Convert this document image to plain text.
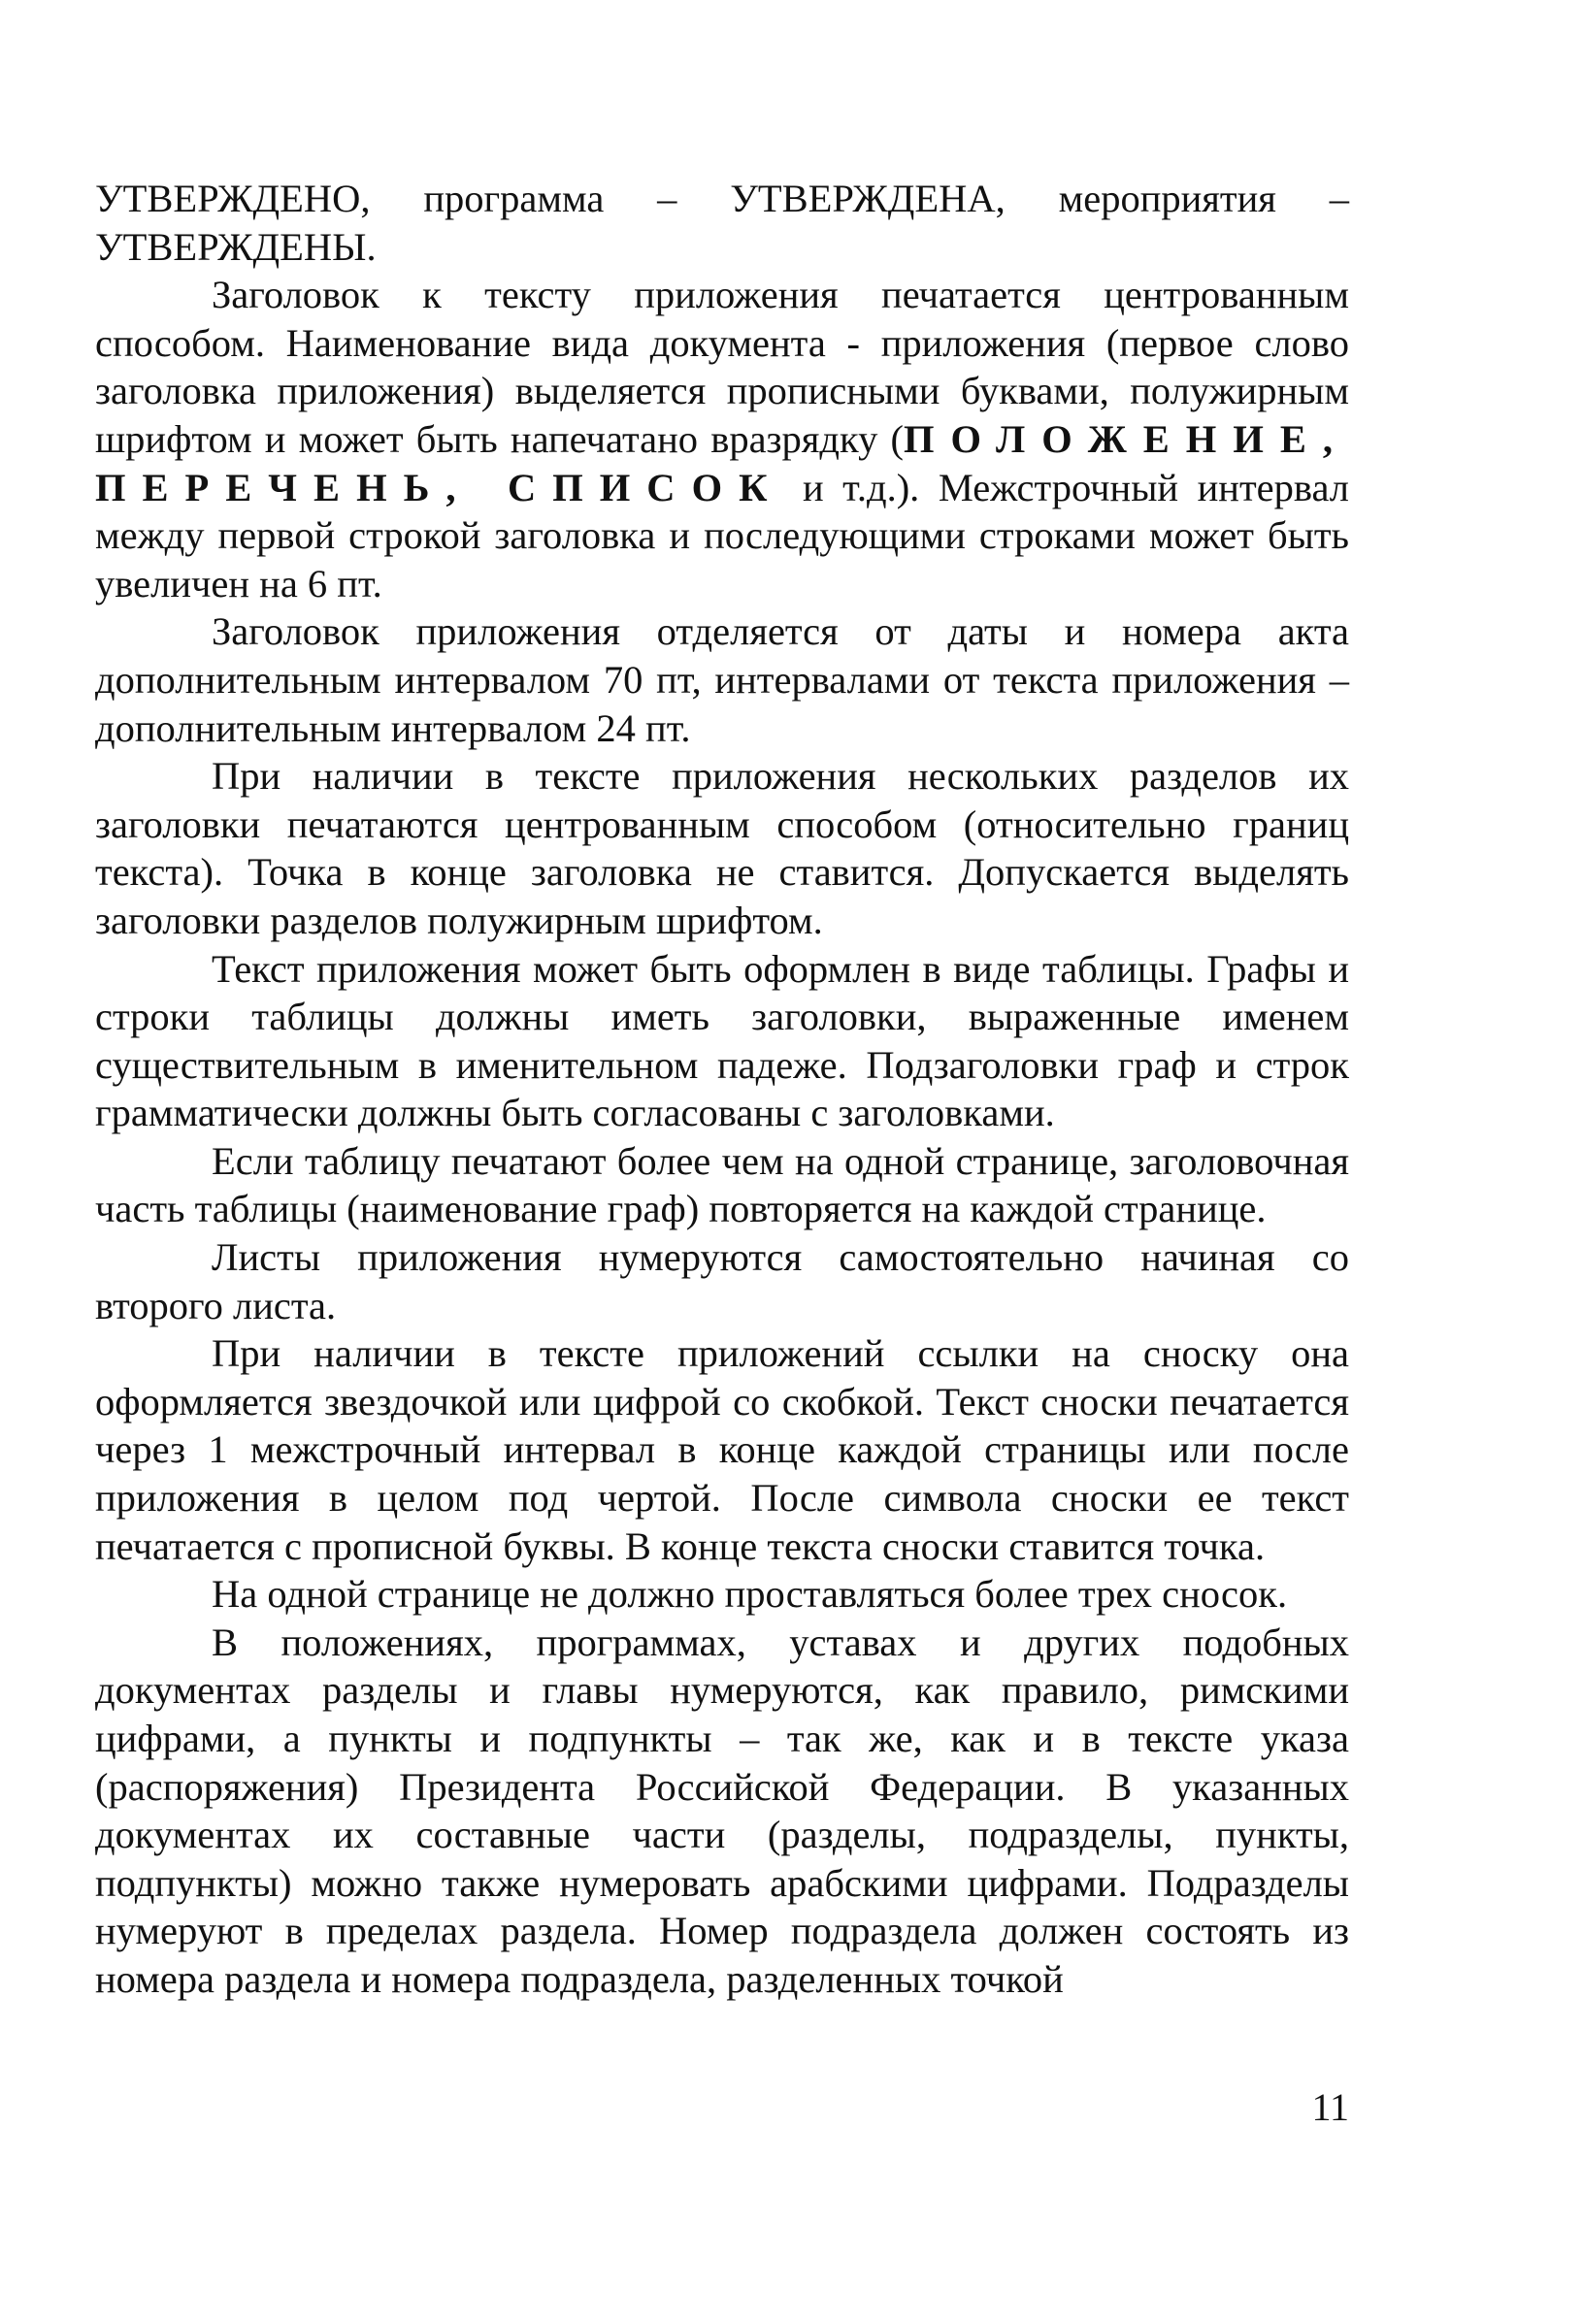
УТВЕРЖДЕНО, программа – УТВЕРЖДЕНА, мероприятия – УТВЕРЖДЕНЫ.

Заголовок к тексту приложения печатается центрованным способом. Наименование вида документа - приложения (первое слово заголовка приложения) выделяется прописными буквами, полужирным шрифтом и может быть напечатано вразрядку (ПОЛОЖЕНИЕ, ПЕРЕЧЕНЬ, СПИСОК и т.д.). Межстрочный интервал между первой строкой заголовка и последующими строками может быть увеличен на 6 пт.

Заголовок приложения отделяется от даты и номера акта дополнительным интервалом 70 пт, интервалами от текста приложения – дополнительным интервалом 24 пт.

При наличии в тексте приложения нескольких разделов их заголовки печатаются центрованным способом (относительно границ текста). Точка в конце заголовка не ставится. Допускается выделять заголовки разделов полужирным шрифтом.

Текст приложения может быть оформлен в виде таблицы. Графы и строки таблицы должны иметь заголовки, выраженные именем существительным в именительном падеже. Подзаголовки граф и строк грамматически должны быть согласованы с заголовками.

Если таблицу печатают более чем на одной странице, заголовочная часть таблицы (наименование граф) повторяется на каждой странице.

Листы приложения нумеруются самостоятельно начиная со второго листа.

При наличии в тексте приложений ссылки на сноску она оформляется звездочкой или цифрой со скобкой. Текст сноски печатается через 1 межстрочный интервал в конце каждой страницы или после приложения в целом под чертой. После символа сноски ее текст печатается с прописной буквы. В конце текста сноски ставится точка.

На одной странице не должно проставляться более трех сносок.

В положениях, программах, уставах и других подобных документах разделы и главы нумеруются, как правило, римскими цифрами, а пункты и подпункты – так же, как и в тексте указа (распоряжения) Президента Российской Федерации. В указанных документах их составные части (разделы, подразделы, пункты, подпункты) можно также нумеровать арабскими цифрами. Подразделы нумеруют в пределах раздела. Номер подраздела должен состоять из номера раздела и номера подраздела, разделенных точкой

11
